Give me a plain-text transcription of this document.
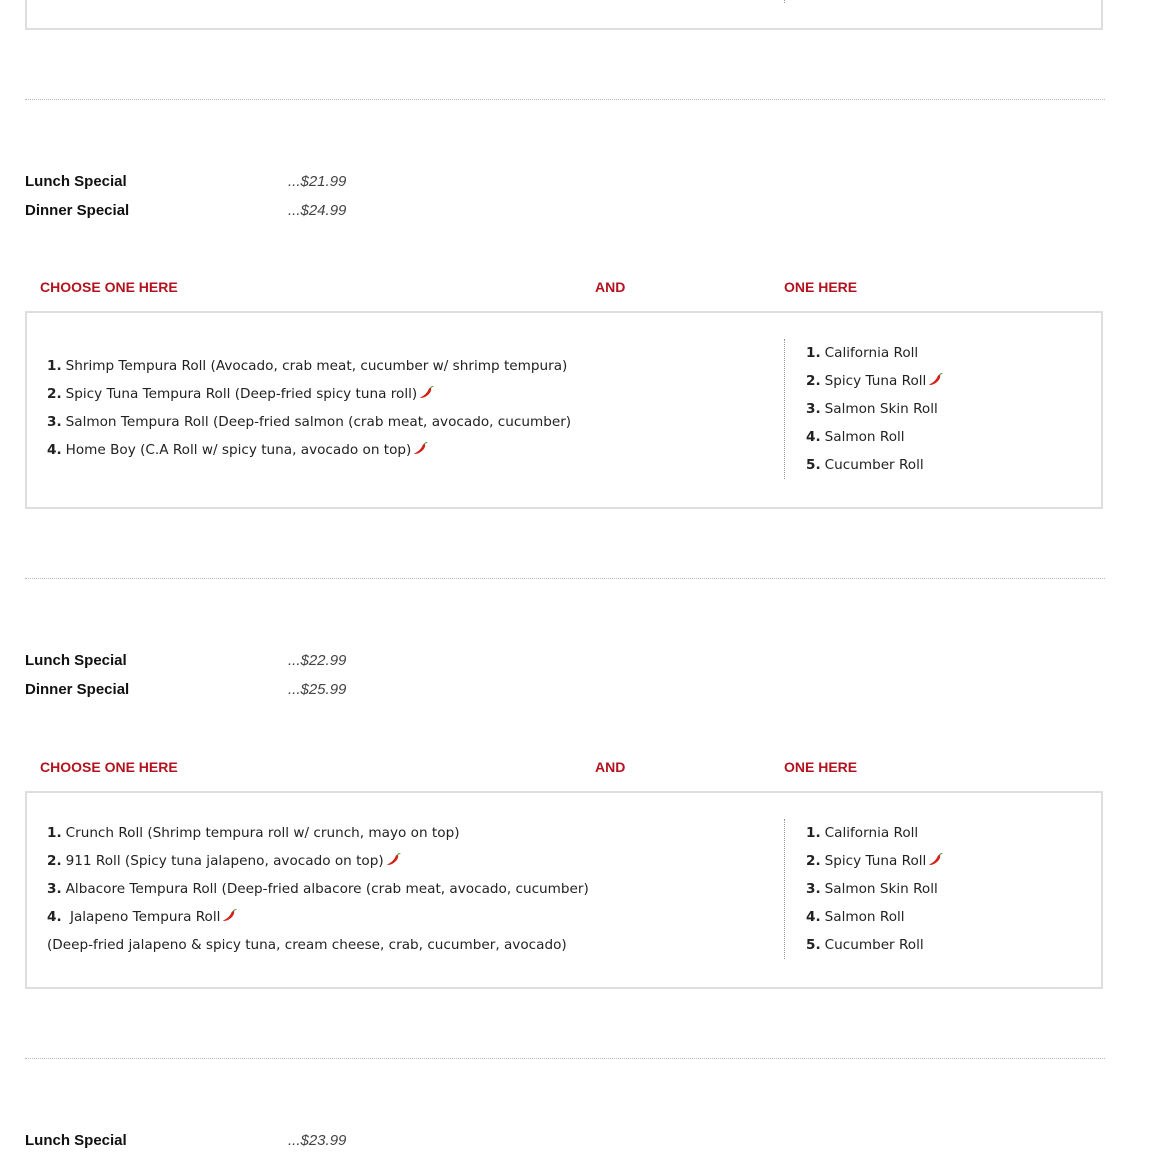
Lunch Special	...$21.99
Dinner Special	...$24.99
CHOOSE ONE HERE	AND	ONE HERE
1. Shrimp Tempura Roll (Avocado, crab meat, cucumber w/ shrimp tempura)
2. Spicy Tuna Tempura Roll (Deep-fried spicy tuna roll)
3. Salmon Tempura Roll (Deep-fried salmon (crab meat, avocado, cucumber)
4. Home Boy (C.A Roll w/ spicy tuna, avocado on top)
1. California Roll
2. Spicy Tuna Roll
3. Salmon Skin Roll
4. Salmon Roll
5. Cucumber Roll
Lunch Special	...$22.99
Dinner Special	...$25.99
CHOOSE ONE HERE	AND	ONE HERE
1. Crunch Roll (Shrimp tempura roll w/ crunch, mayo on top)
2. 911 Roll (Spicy tuna jalapeno, avocado on top)
3. Albacore Tempura Roll (Deep-fried albacore (crab meat, avocado, cucumber)
4. Jalapeno Tempura Roll
(Deep-fried jalapeno & spicy tuna, cream cheese, crab, cucumber, avocado)
1. California Roll
2. Spicy Tuna Roll
3. Salmon Skin Roll
4. Salmon Roll
5. Cucumber Roll
Lunch Special	...$23.99
